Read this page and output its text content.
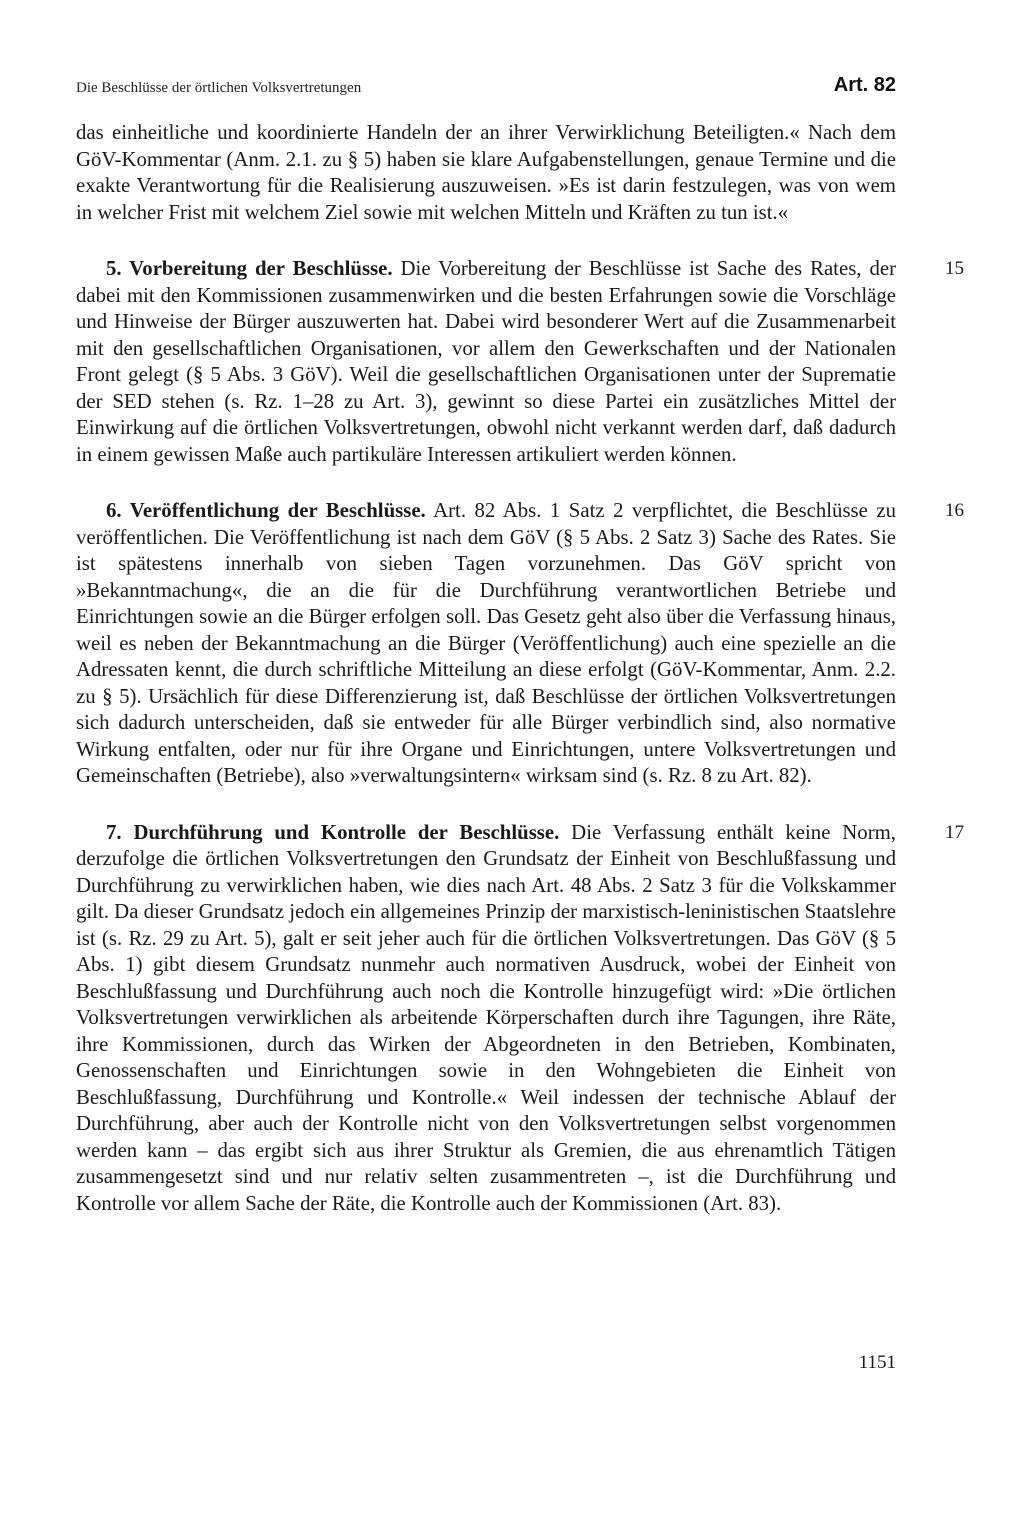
Die Beschlüsse der örtlichen Volksvertretungen	Art. 82

das einheitliche und koordinierte Handeln der an ihrer Verwirklichung Beteiligten.« Nach dem GöV-Kommentar (Anm. 2.1. zu § 5) haben sie klare Aufgabenstellungen, genaue Termine und die exakte Verantwortung für die Realisierung auszuweisen. »Es ist darin festzulegen, was von wem in welcher Frist mit welchem Ziel sowie mit welchen Mitteln und Kräften zu tun ist.«

15

5. Vorbereitung der Beschlüsse. Die Vorbereitung der Beschlüsse ist Sache des Rates, der dabei mit den Kommissionen zusammenwirken und die besten Erfahrungen sowie die Vorschläge und Hinweise der Bürger auszuwerten hat. Dabei wird besonderer Wert auf die Zusammenarbeit mit den gesellschaftlichen Organisationen, vor allem den Gewerkschaften und der Nationalen Front gelegt (§ 5 Abs. 3 GöV). Weil die gesellschaftlichen Organisationen unter der Suprematie der SED stehen (s. Rz. 1–28 zu Art. 3), gewinnt so diese Partei ein zusätzliches Mittel der Einwirkung auf die örtlichen Volksvertretungen, obwohl nicht verkannt werden darf, daß dadurch in einem gewissen Maße auch partikuläre Interessen artikuliert werden können.

16

6. Veröffentlichung der Beschlüsse. Art. 82 Abs. 1 Satz 2 verpflichtet, die Beschlüsse zu veröffentlichen. Die Veröffentlichung ist nach dem GöV (§ 5 Abs. 2 Satz 3) Sache des Rates. Sie ist spätestens innerhalb von sieben Tagen vorzunehmen. Das GöV spricht von »Bekanntmachung«, die an die für die Durchführung verantwortlichen Betriebe und Einrichtungen sowie an die Bürger erfolgen soll. Das Gesetz geht also über die Verfassung hinaus, weil es neben der Bekanntmachung an die Bürger (Veröffentlichung) auch eine spezielle an die Adressaten kennt, die durch schriftliche Mitteilung an diese erfolgt (GöV-Kommentar, Anm. 2.2. zu § 5). Ursächlich für diese Differenzierung ist, daß Beschlüsse der örtlichen Volksvertretungen sich dadurch unterscheiden, daß sie entweder für alle Bürger verbindlich sind, also normative Wirkung entfalten, oder nur für ihre Organe und Einrichtungen, untere Volksvertretungen und Gemeinschaften (Betriebe), also »verwaltungsintern« wirksam sind (s. Rz. 8 zu Art. 82).

17

7. Durchführung und Kontrolle der Beschlüsse. Die Verfassung enthält keine Norm, derzufolge die örtlichen Volksvertretungen den Grundsatz der Einheit von Beschlußfassung und Durchführung zu verwirklichen haben, wie dies nach Art. 48 Abs. 2 Satz 3 für die Volkskammer gilt. Da dieser Grundsatz jedoch ein allgemeines Prinzip der marxistisch-leninistischen Staatslehre ist (s. Rz. 29 zu Art. 5), galt er seit jeher auch für die örtlichen Volksvertretungen. Das GöV (§ 5 Abs. 1) gibt diesem Grundsatz nunmehr auch normativen Ausdruck, wobei der Einheit von Beschlußfassung und Durchführung auch noch die Kontrolle hinzugefügt wird: »Die örtlichen Volksvertretungen verwirklichen als arbeitende Körperschaften durch ihre Tagungen, ihre Räte, ihre Kommissionen, durch das Wirken der Abgeordneten in den Betrieben, Kombinaten, Genossenschaften und Einrichtungen sowie in den Wohngebieten die Einheit von Beschlußfassung, Durchführung und Kontrolle.« Weil indessen der technische Ablauf der Durchführung, aber auch der Kontrolle nicht von den Volksvertretungen selbst vorgenommen werden kann – das ergibt sich aus ihrer Struktur als Gremien, die aus ehrenamtlich Tätigen zusammengesetzt sind und nur relativ selten zusammentreten –, ist die Durchführung und Kontrolle vor allem Sache der Räte, die Kontrolle auch der Kommissionen (Art. 83).

1151
